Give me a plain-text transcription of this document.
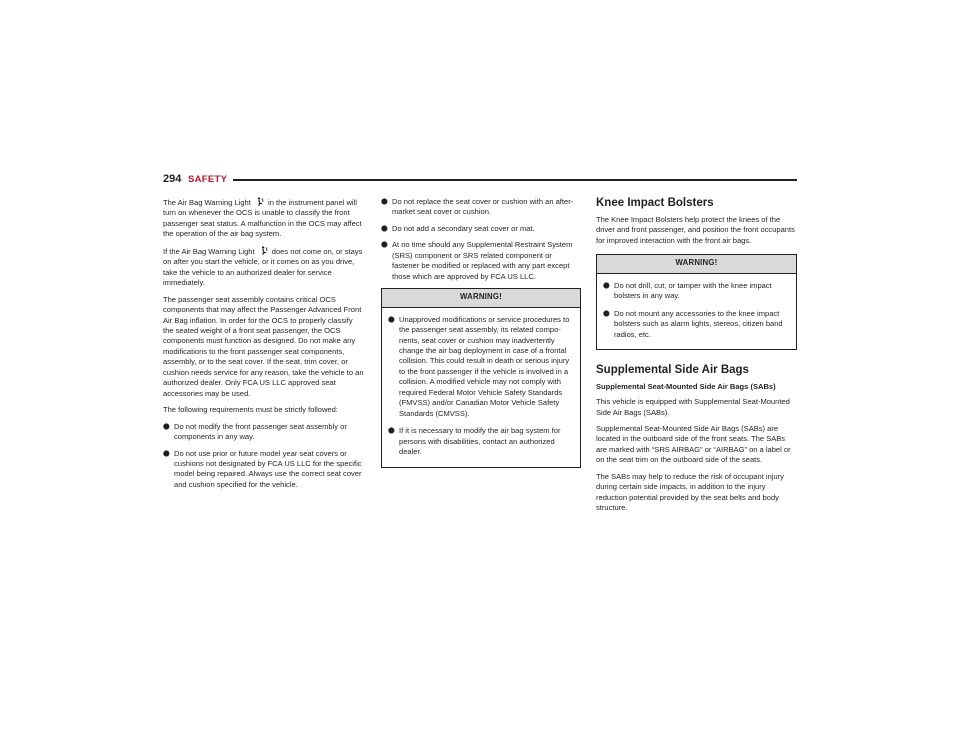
294 SAFETY

The Air Bag Warning Light  in the instrument panel will turn on whenever the OCS is unable to classify the front passenger seat status. A malfunction in the OCS may affect the operation of the air bag system.

If the Air Bag Warning Light  does not come on, or stays on after you start the vehicle, or it comes on as you drive, take the vehicle to an authorized dealer for service immediately.

The passenger seat assembly contains critical OCS components that may affect the Passenger Advanced Front Air Bag inflation. In order for the OCS to properly classify the seated weight of a front seat passenger, the OCS components must function as designed. Do not make any modifications to the front passenger seat components, assembly, or to the seat cover. If the seat, trim cover, or cushion needs service for any reason, take the vehicle to an authorized dealer. Only FCA US LLC approved seat accessories may be used.

The following requirements must be strictly followed:

⬤ Do not modify the front passenger seat assembly or components in any way.
⬤ Do not use prior or future model year seat covers or cushions not designated by FCA US LLC for the specific model being repaired. Always use the correct seat cover and cushion specified for the vehicle.
⬤ Do not replace the seat cover or cushion with an after-market seat cover or cushion.
⬤ Do not add a secondary seat cover or mat.
⬤ At no time should any Supplemental Restraint System (SRS) component or SRS related component or fastener be modified or replaced with any part except those which are approved by FCA US LLC.
WARNING!
⬤ Unapproved modifications or service procedures to the passenger seat assembly, its related compo-nents, seat cover or cushion may inadvertently change the air bag deployment in case of a frontal collision. This could result in death or serious injury to the front passenger if the vehicle is involved in a collision. A modified vehicle may not comply with required Federal Motor Vehicle Safety Standards (FMVSS) and/or Canadian Motor Vehicle Safety Standards (CMVSS).
⬤ If it is necessary to modify the air bag system for persons with disabilities, contact an authorized dealer.
Knee Impact Bolsters

The Knee Impact Bolsters help protect the knees of the driver and front passenger, and position the front occupants for improved interaction with the front air bags.

WARNING!
⬤ Do not drill, cut, or tamper with the knee impact bolsters in any way.
⬤ Do not mount any accessories to the knee impact bolsters such as alarm lights, stereos, citizen band radios, etc.
Supplemental Side Air Bags
Supplemental Seat-Mounted Side Air Bags (SABs)

This vehicle is equipped with Supplemental Seat-Mounted Side Air Bags (SABs).

Supplemental Seat-Mounted Side Air Bags (SABs) are located in the outboard side of the front seats. The SABs are marked with “SRS AIRBAG” or “AIRBAG” on a label or on the seat trim on the outboard side of the seats.

The SABs may help to reduce the risk of occupant injury during certain side impacts, in addition to the injury reduction potential provided by the seat belts and body structure.
